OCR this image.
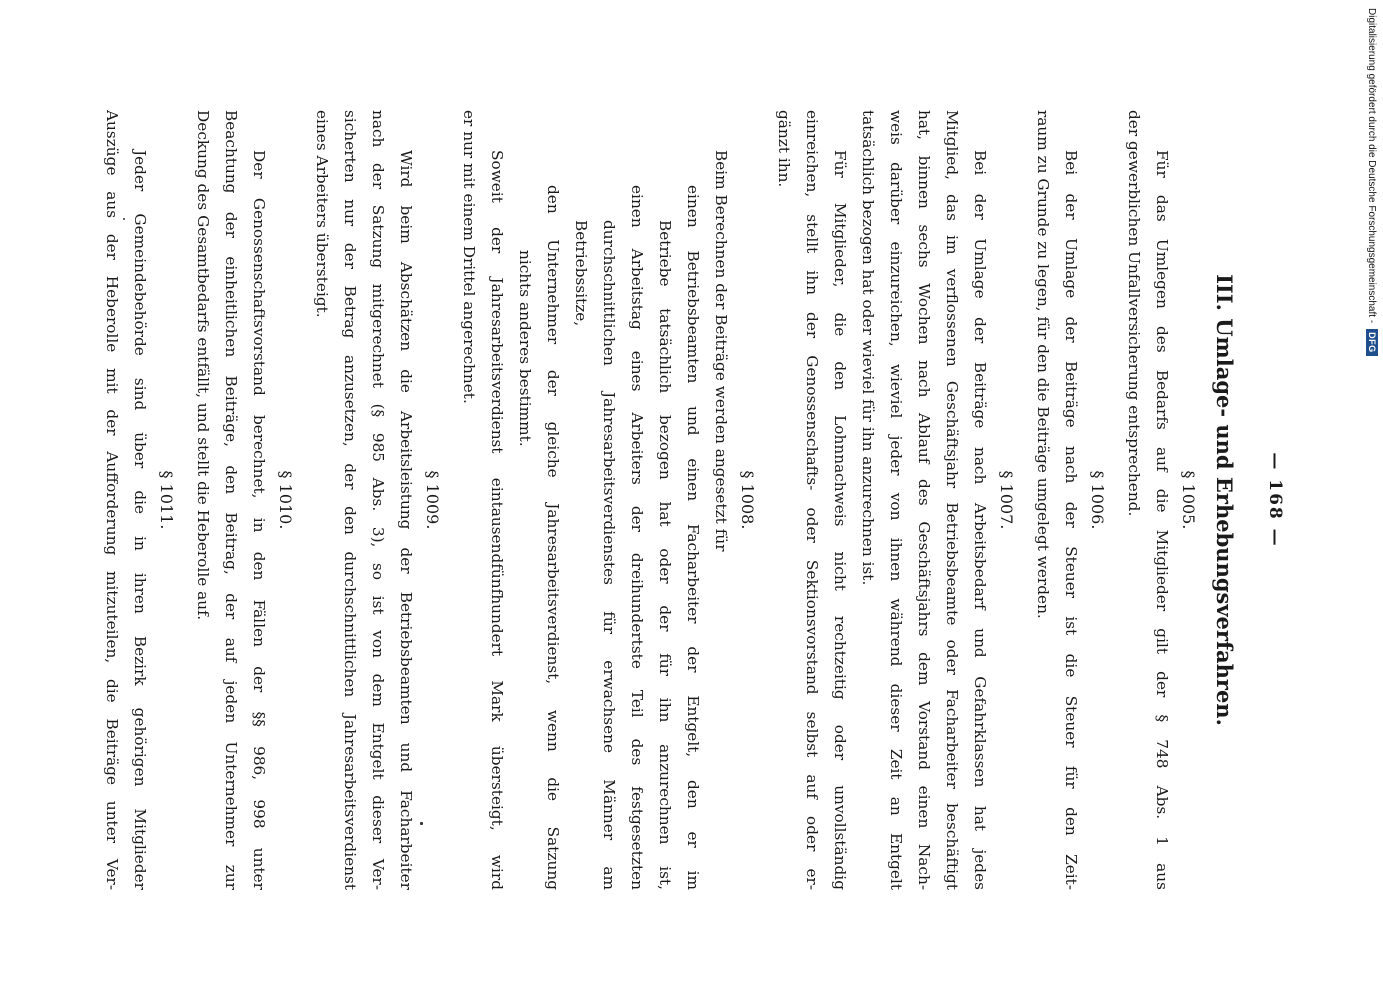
— 168 —
III. Umlage- und Erhebungsverfahren.
§ 1005.
Für das Umlegen des Bedarfs auf die Mitglieder gilt der § 748 Abs. 1 aus
der gewerblichen Unfallversicherung entsprechend.
§ 1006.
Bei der Umlage der Beiträge nach der Steuer ist die Steuer für den Zeit-
raum zu Grunde zu legen, für den die Beiträge umgelegt werden.
§ 1007.
Bei der Umlage der Beiträge nach Arbeitsbedarf und Gefahrklassen hat jedes
Mitglied, das im verflossenen Geschäftsjahr Betriebsbeamte oder Facharbeiter beschäftigt
hat, binnen sechs Wochen nach Ablauf des Geschäftsjahrs dem Vorstand einen Nach-
weis darüber einzureichen, wieviel jeder von ihnen während dieser Zeit an Entgelt
tatsächlich bezogen hat oder wieviel für ihn anzurechnen ist.
Für Mitglieder, die den Lohnnachweis nicht rechtzeitig oder unvollständig
einreichen, stellt ihn der Genossenschafts- oder Sektionsvorstand selbst auf oder er-
gänzt ihn.
§ 1008.
Beim Berechnen der Beiträge werden angesetzt für
einen Betriebsbeamten und einen Facharbeiter der Entgelt, den er im
Betriebe tatsächlich bezogen hat oder der für ihn anzurechnen ist,
einen Arbeitstag eines Arbeiters der dreihundertste Teil des festgesetzten
durchschnittlichen Jahresarbeitsverdienstes für erwachsene Männer am
Betriebssitze,
den Unternehmer der gleiche Jahresarbeitsverdienst, wenn die Satzung
nichts anderes bestimmt.
Soweit der Jahresarbeitsverdienst eintausendfünfhundert Mark übersteigt, wird
er nur mit einem Drittel angerechnet.
§ 1009.
Wird beim Abschätzen die Arbeitsleistung der Betriebsbeamten und Facharbeiter
nach der Satzung mitgerechnet (§ 985 Abs. 3), so ist von dem Entgelt dieser Ver-
sicherten nur der Betrag anzusetzen, der den durchschnittlichen Jahresarbeitsverdienst
eines Arbeiters übersteigt.
§ 1010.
Der Genossenschaftsvorstand berechnet, in den Fällen der §§ 986, 998 unter
Beachtung der einheitlichen Beiträge, den Beitrag, der auf jeden Unternehmer zur
Deckung des Gesamtbedarfs entfällt, und stellt die Heberolle auf.
§ 1011.
Jeder Gemeindebehörde sind über die in ihren Bezirk gehörigen Mitglieder
Auszüge aus der Heberolle mit der Aufforderung mitzuteilen, die Beiträge unter Ver-	Digitalisierung gefördert durch die Deutsche Forschungsgemeinschaft -
DFG
